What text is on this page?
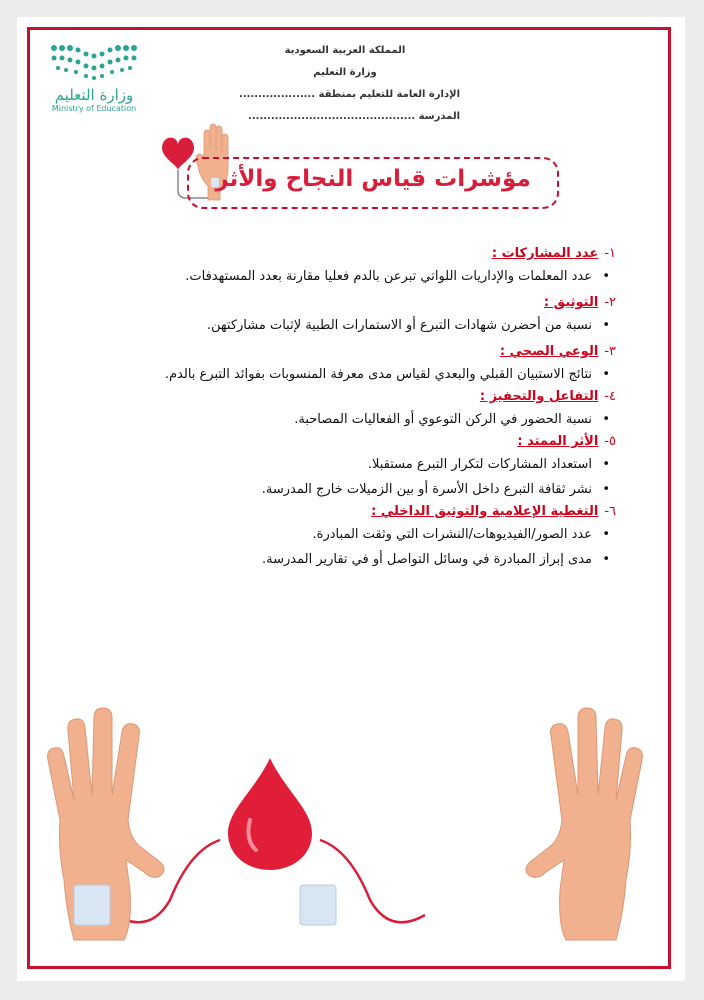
وزارة التعليم
Ministry of Education
المملكة العربية السعودية
وزارة التعليم
الإدارة العامة للتعليم بمنطقة ....................
المدرسة ............................................
مؤشرات قياس النجاح والأثر
١-عدد المشاركات :
• عدد المعلمات والإداريات اللواتي تبرعن بالدم فعليا مقارنة بعدد المستهدفات.
٢-التوثيق :
• نسبة من أحضرن شهادات التبرع أو الاستمارات الطبية لإثبات مشاركتهن.
٣-الوعي الصحي :
• نتائج الاستبيان القبلي والبعدي لقياس مدى معرفة المنسوبات بفوائد التبرع بالدم.
٤-التفاعل والتحفيز :
• نسبة الحضور في الركن التوعوي أو الفعاليات المصاحبة.
٥-الأثر الممتد :
• استعداد المشاركات لتكرار التبرع مستقبلا.
• نشر ثقافة التبرع داخل الأسرة أو بين الزميلات خارج المدرسة.
٦-التغطية الإعلامية والتوثيق الداخلي :
• عدد الصور/الفيديوهات/النشرات التي وثقت المبادرة.
• مدى إبراز المبادرة في وسائل التواصل أو في تقارير المدرسة.
